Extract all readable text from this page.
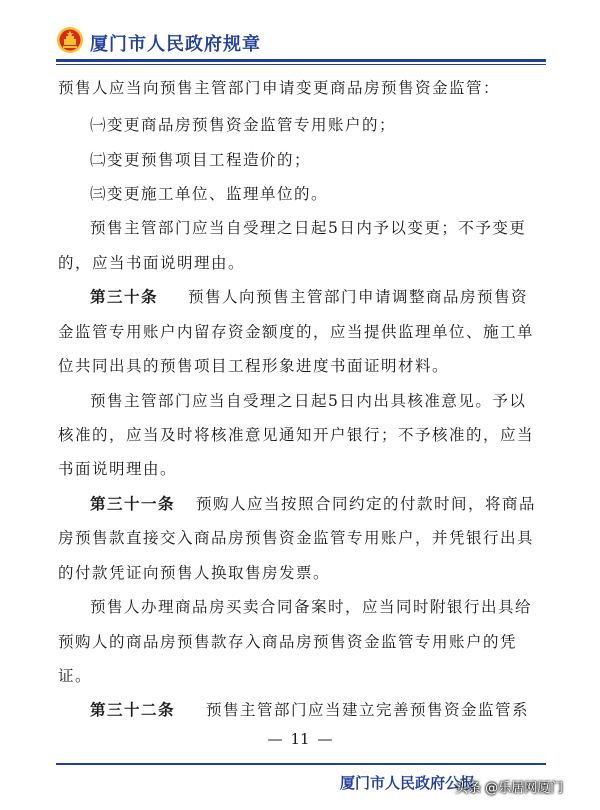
厦门市人民政府规章
预售人应当向预售主管部门申请变更商品房预售资金监管：
㈠变更商品房预售资金监管专用账户的；
㈡变更预售项目工程造价的；
㈢变更施工单位、监理单位的。
预售主管部门应当自受理之日起5日内予以变更；不予变更
的，应当书面说明理由。
第三十条 预售人向预售主管部门申请调整商品房预售资
金监管专用账户内留存资金额度的，应当提供监理单位、施工单
位共同出具的预售项目工程形象进度书面证明材料。
预售主管部门应当自受理之日起5日内出具核准意见。予以
核准的，应当及时将核准意见通知开户银行；不予核准的，应当
书面说明理由。
第三十一条 预购人应当按照合同约定的付款时间，将商品
房预售款直接交入商品房预售资金监管专用账户，并凭银行出具
的付款凭证向预售人换取售房发票。
预售人办理商品房买卖合同备案时，应当同时附银行出具给
预购人的商品房预售款存入商品房预售资金监管专用账户的凭
证。
第三十二条 预售主管部门应当建立完善预售资金监管系
— 11 —
厦门市人民政府公报
头条 @乐居网厦门
